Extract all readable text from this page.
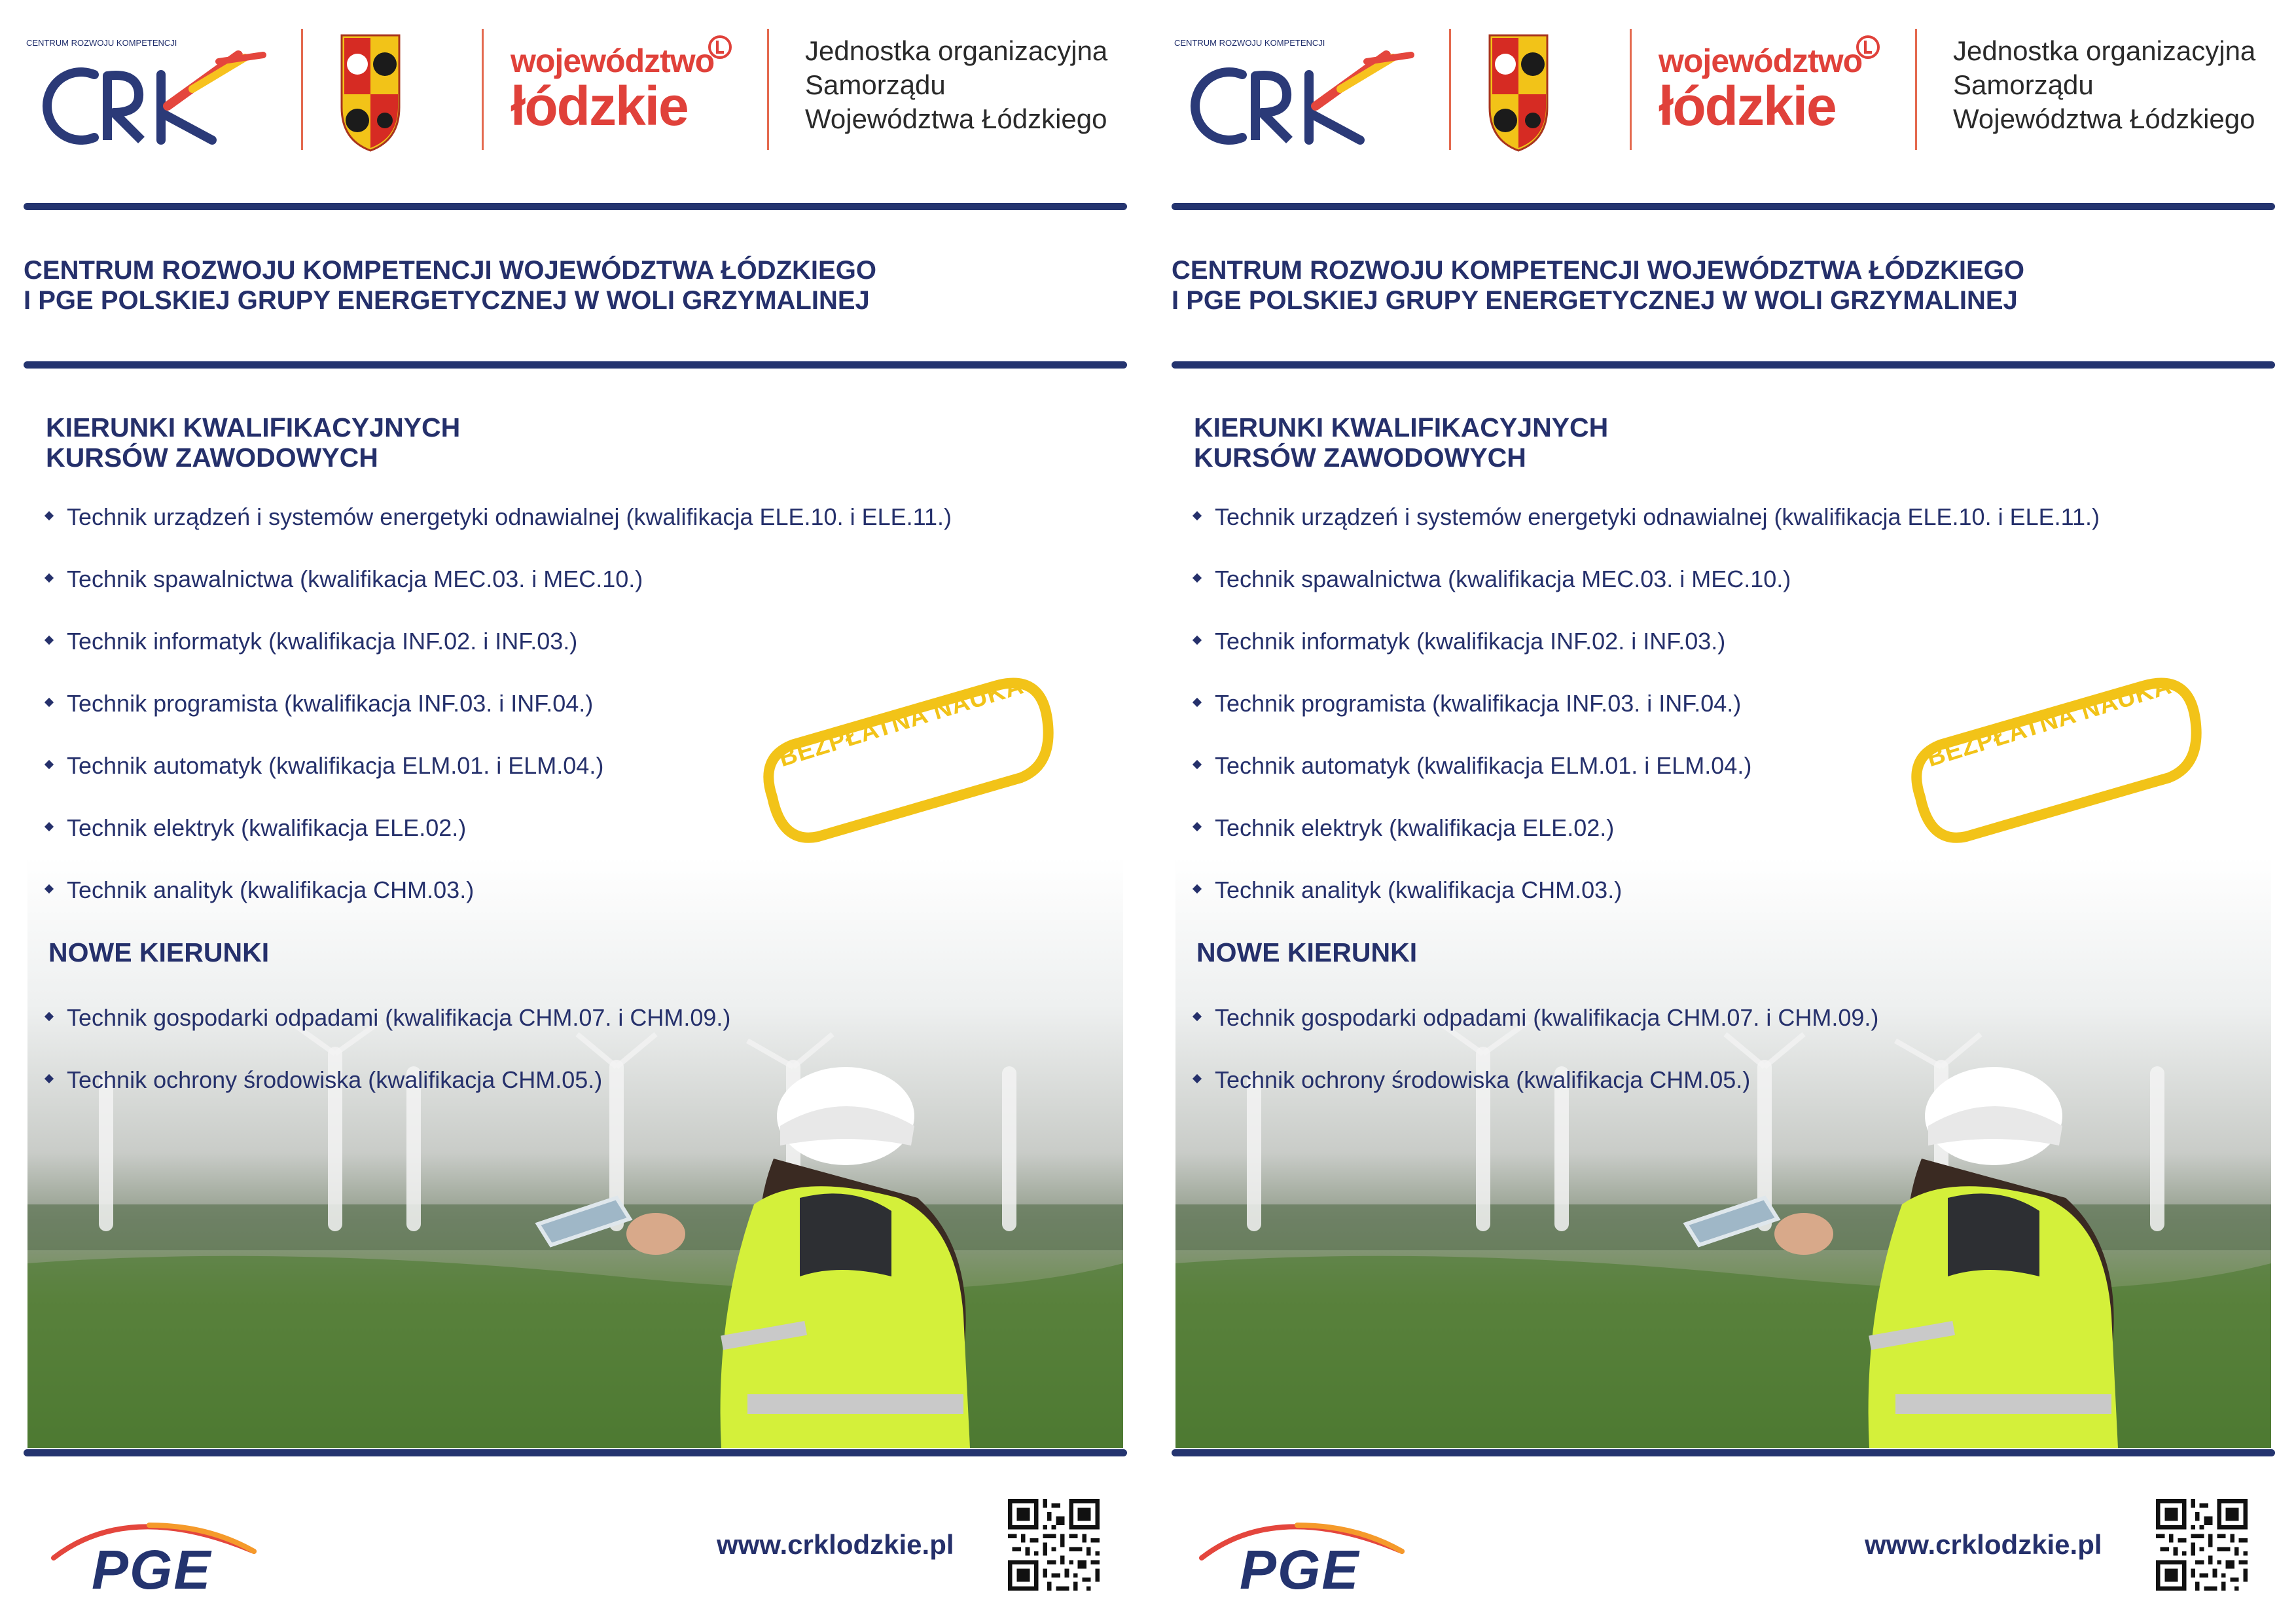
CENTRUM ROZWOJU KOMPETENCJI	województwo
łódzkie
Jednostka organizacyjna
Samorządu
Województwa Łódzkiego
CENTRUM ROZWOJU KOMPETENCJI WOJEWÓDZTWA ŁÓDZKIEGO
I PGE POLSKIEJ GRUPY ENERGETYCZNEJ W WOLI GRZYMALINEJ
KIERUNKI KWALIFIKACYJNYCH
KURSÓW ZAWODOWYCH
Technik urządzeń i systemów energetyki odnawialnej (kwalifikacja ELE.10. i ELE.11.)
Technik spawalnictwa (kwalifikacja MEC.03. i MEC.10.)
Technik informatyk (kwalifikacja INF.02. i INF.03.)
Technik programista (kwalifikacja INF.03. i INF.04.)
Technik automatyk (kwalifikacja ELM.01. i ELM.04.)
Technik elektryk (kwalifikacja ELE.02.)
Technik analityk (kwalifikacja CHM.03.)
NOWE KIERUNKI
Technik gospodarki odpadami (kwalifikacja CHM.07. i CHM.09.)
Technik ochrony środowiska (kwalifikacja CHM.05.)
BEZPŁATNA NAUKA
PGE	www.crklodzkie.pl
CENTRUM ROZWOJU KOMPETENCJI	województwo
łódzkie
Jednostka organizacyjna
Samorządu
Województwa Łódzkiego
CENTRUM ROZWOJU KOMPETENCJI WOJEWÓDZTWA ŁÓDZKIEGO
I PGE POLSKIEJ GRUPY ENERGETYCZNEJ W WOLI GRZYMALINEJ
KIERUNKI KWALIFIKACYJNYCH
KURSÓW ZAWODOWYCH
Technik urządzeń i systemów energetyki odnawialnej (kwalifikacja ELE.10. i ELE.11.)
Technik spawalnictwa (kwalifikacja MEC.03. i MEC.10.)
Technik informatyk (kwalifikacja INF.02. i INF.03.)
Technik programista (kwalifikacja INF.03. i INF.04.)
Technik automatyk (kwalifikacja ELM.01. i ELM.04.)
Technik elektryk (kwalifikacja ELE.02.)
Technik analityk (kwalifikacja CHM.03.)
NOWE KIERUNKI
Technik gospodarki odpadami (kwalifikacja CHM.07. i CHM.09.)
Technik ochrony środowiska (kwalifikacja CHM.05.)
BEZPŁATNA NAUKA
PGE	www.crklodzkie.pl
